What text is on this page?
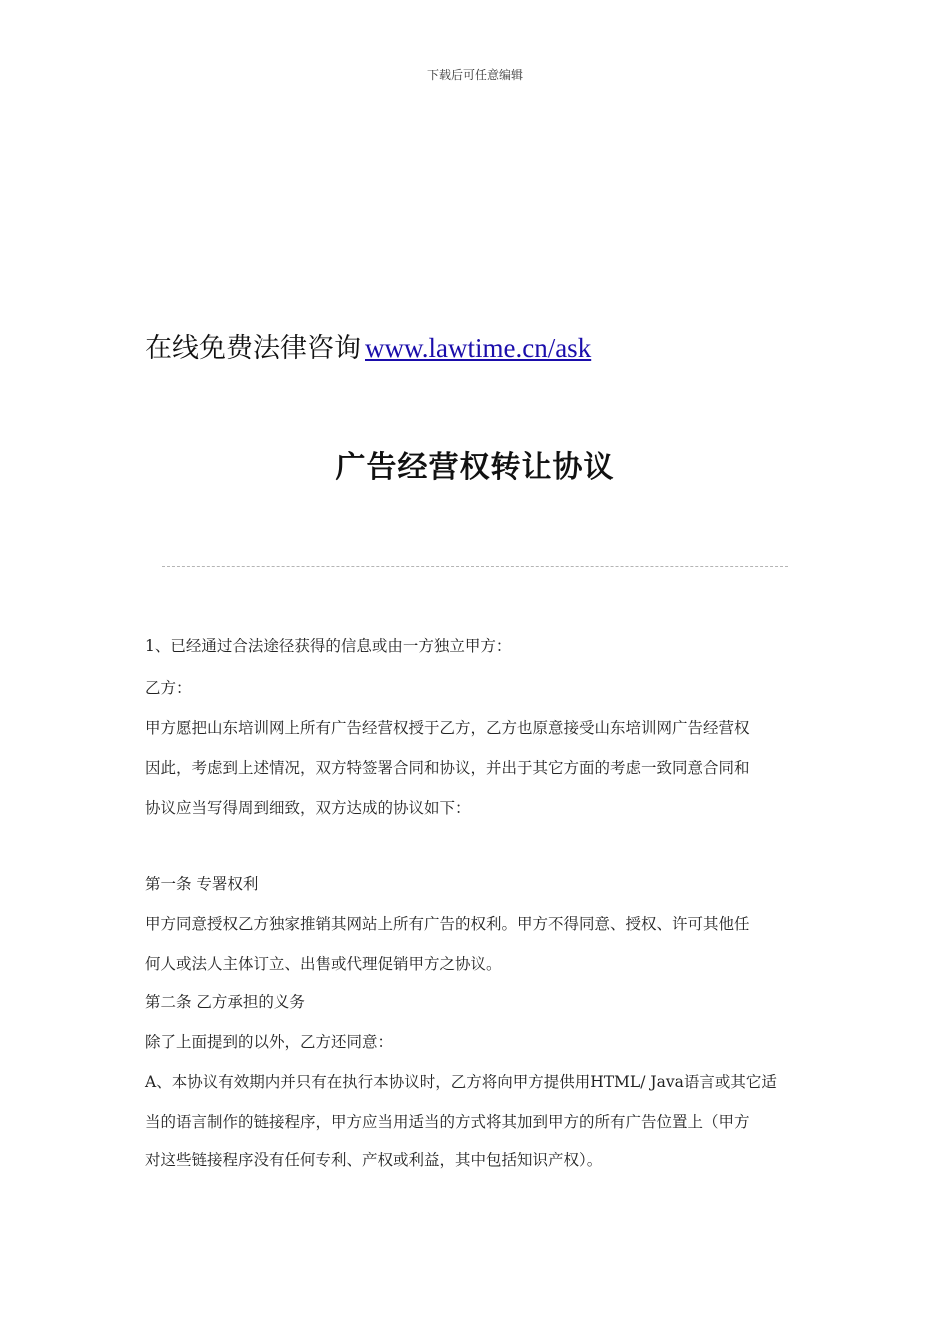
下载后可任意编辑
在线免费法律咨询 www.lawtime.cn/ask
广告经营权转让协议

1、已经通过合法途径获得的信息或由一方独立甲方：

乙方：

甲方愿把山东培训网上所有广告经营权授于乙方，乙方也原意接受山东培训网广告经营权

因此，考虑到上述情况，双方特签署合同和协议，并出于其它方面的考虑一致同意合同和

协议应当写得周到细致，双方达成的协议如下：

第一条 专署权利

甲方同意授权乙方独家推销其网站上所有广告的权利。甲方不得同意、授权、许可其他任

何人或法人主体订立、出售或代理促销甲方之协议。

第二条 乙方承担的义务

除了上面提到的以外，乙方还同意：

A、本协议有效期内并只有在执行本协议时，乙方将向甲方提供用HTML/ Java语言或其它适

当的语言制作的链接程序，甲方应当用适当的方式将其加到甲方的所有广告位置上（甲方

对这些链接程序没有任何专利、产权或利益，其中包括知识产权）。
